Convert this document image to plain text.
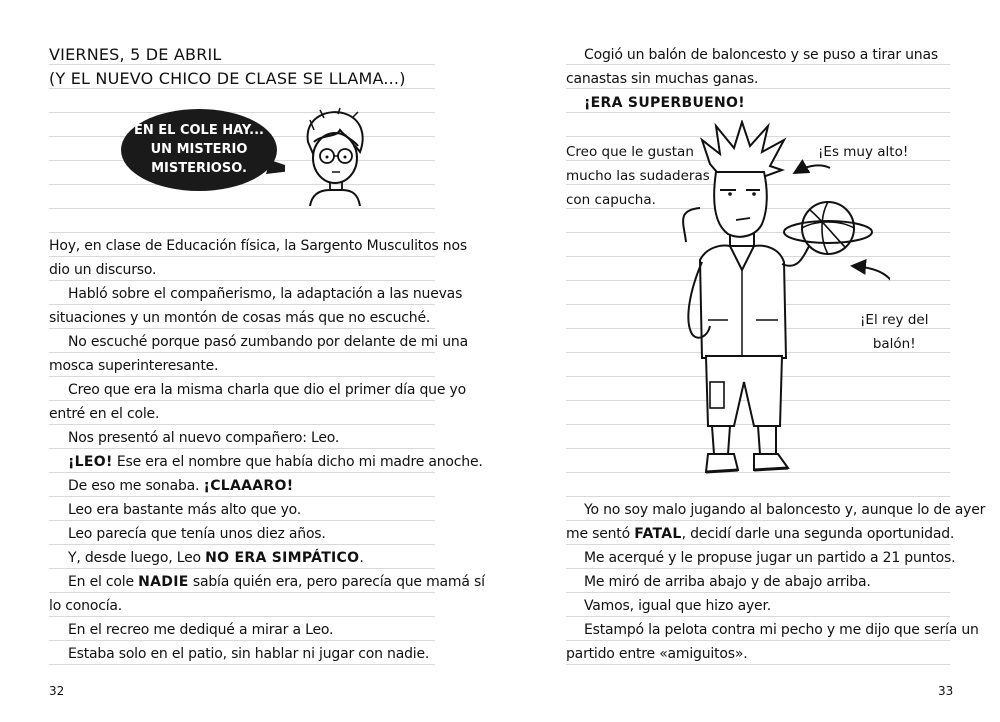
VIERNES, 5 DE ABRIL
(Y EL NUEVO CHICO DE CLASE SE LLAMA...)
EN EL COLE HAY...
UN MISTERIO
MISTERIOSO.
Hoy, en clase de Educación física, la Sargento Musculitos nos
dio un discurso.
Habló sobre el compañerismo, la adaptación a las nuevas
situaciones y un montón de cosas más que no escuché.
No escuché porque pasó zumbando por delante de mi una
mosca superinteresante.
Creo que era la misma charla que dio el primer día que yo
entré en el cole.
Nos presentó al nuevo compañero: Leo.
¡LEO! Ese era el nombre que había dicho mi madre anoche.
De eso me sonaba. ¡CLAAARO!
Leo era bastante más alto que yo.
Leo parecía que tenía unos diez años.
Y, desde luego, Leo NO ERA SIMPÁTICO.
En el cole NADIE sabía quién era, pero parecía que mamá sí
lo conocía.
En el recreo me dediqué a mirar a Leo.
Estaba solo en el patio, sin hablar ni jugar con nadie.
32
Cogió un balón de baloncesto y se puso a tirar unas
canastas sin muchas ganas.
¡ERA SUPERBUENO!
Creo que le gustan
mucho las sudaderas
con capucha.
¡Es muy alto!
¡El rey del
balón!
Yo no soy malo jugando al baloncesto y, aunque lo de ayer
me sentó FATAL, decidí darle una segunda oportunidad.
Me acerqué y le propuse jugar un partido a 21 puntos.
Me miró de arriba abajo y de abajo arriba.
Vamos, igual que hizo ayer.
Estampó la pelota contra mi pecho y me dijo que sería un
partido entre «amiguitos».
33
